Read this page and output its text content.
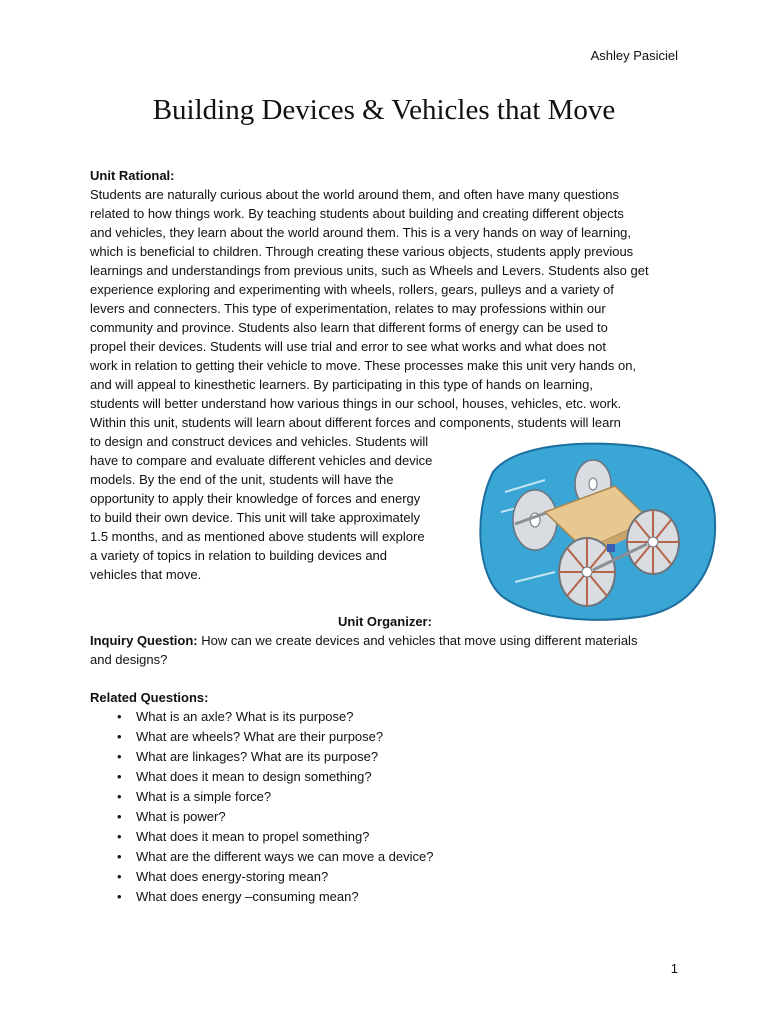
Ashley Pasiciel
Building Devices & Vehicles that Move

Unit Rational:

Students are naturally curious about the world around them, and often have many questions
related to how things work. By teaching students about building and creating different objects
and vehicles, they learn about the world around them. This is a very hands on way of learning,
which is beneficial to children. Through creating these various objects, students apply previous
learnings and understandings from previous units, such as Wheels and Levers. Students also get
experience exploring and experimenting with wheels, rollers, gears, pulleys and a variety of
levers and connecters. This type of experimentation, relates to may professions within our
community and province. Students also learn that different forms of energy can be used to
propel their devices. Students will use trial and error to see what works and what does not
work in relation to getting their vehicle to move. These processes make this unit very hands on,
and will appeal to kinesthetic learners. By participating in this type of hands on learning,
students will better understand how various things in our school, houses, vehicles, etc. work.
Within this unit, students will learn about different forces and components, students will learn
to design and construct devices and vehicles. Students will
have to compare and evaluate different vehicles and device
models. By the end of the unit, students will have the
opportunity to apply their knowledge of forces and energy
to build their own device. This unit will take approximately
1.5 months, and as mentioned above students will explore
a variety of topics in relation to building devices and
vehicles that move.

Unit Organizer:

Inquiry Question: How can we create devices and vehicles that move using different materials
and designs?

Related Questions:

• What is an axle? What is its purpose?
• What are wheels? What are their purpose?
• What are linkages? What are its purpose?
• What does it mean to design something?
• What is a simple force?
• What is power?
• What does it mean to propel something?
• What are the different ways we can move a device?
• What does energy-storing mean?
• What does energy –consuming mean?
1
